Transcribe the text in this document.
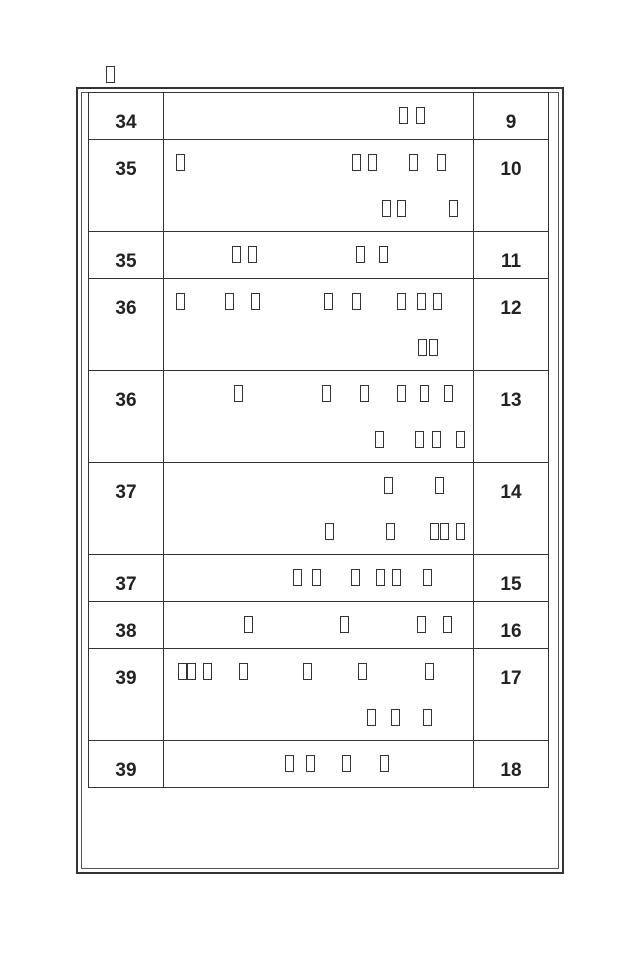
34		9
35		10
35		11
36		12
36		13
37		14
37		15
38		16
39		17
39		18
